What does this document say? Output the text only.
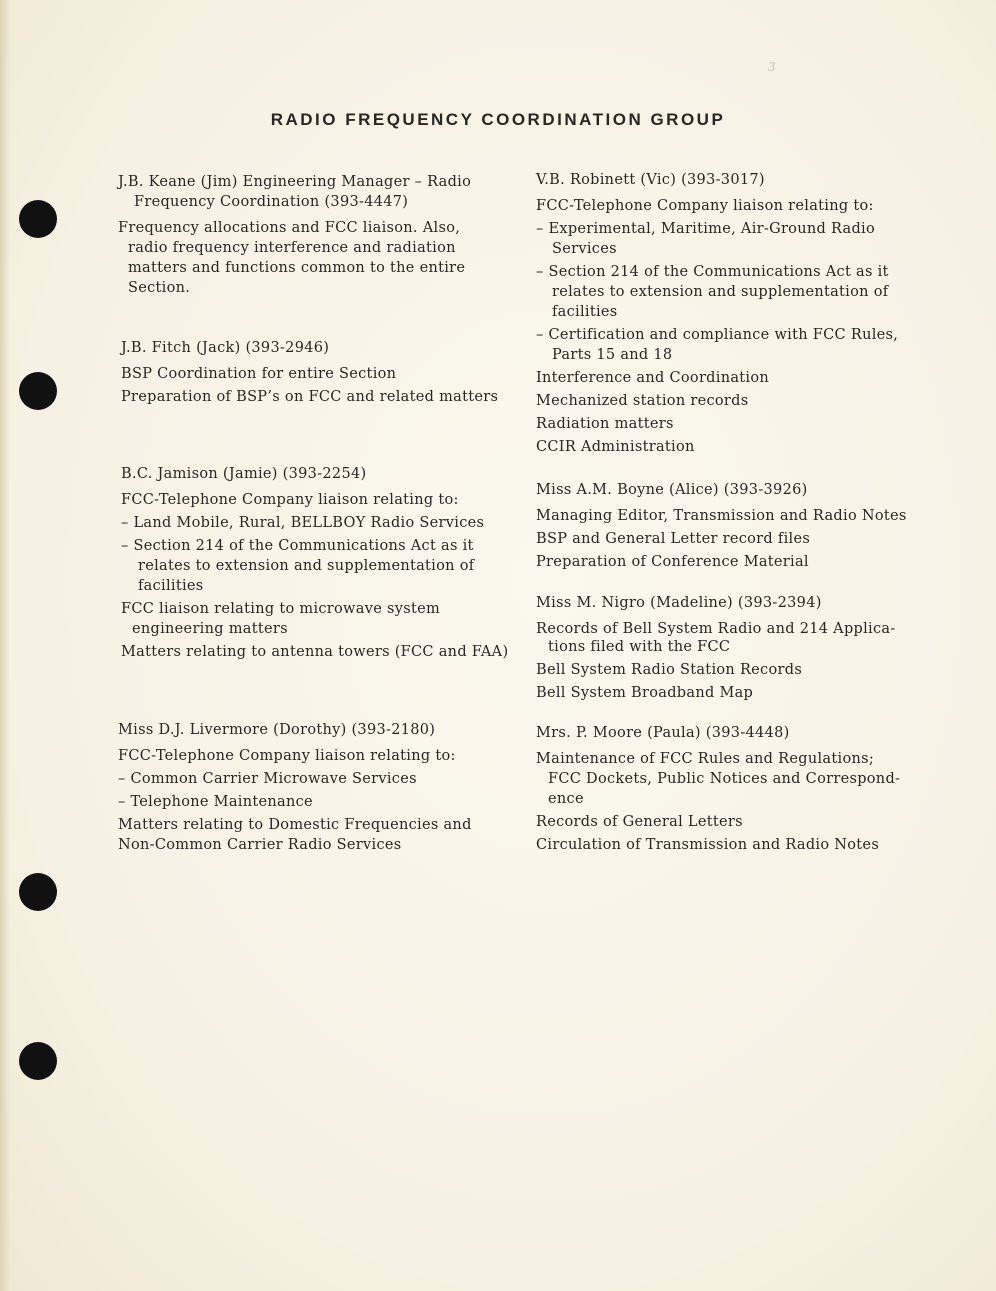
3
RADIO FREQUENCY COORDINATION GROUP

J.B. Keane (Jim) Engineering Manager – Radio

Frequency Coordination (393-4447)

Frequency allocations and FCC liaison. Also,

radio frequency interference and radiation

matters and functions common to the entire

Section.

J.B. Fitch (Jack) (393-2946)

BSP Coordination for entire Section

Preparation of BSP’s on FCC and related matters

B.C. Jamison (Jamie) (393-2254)

FCC-Telephone Company liaison relating to:

– Land Mobile, Rural, BELLBOY Radio Services

– Section 214 of the Communications Act as it

relates to extension and supplementation of

facilities

FCC liaison relating to microwave system

engineering matters

Matters relating to antenna towers (FCC and FAA)

Miss D.J. Livermore (Dorothy) (393-2180)

FCC-Telephone Company liaison relating to:

– Common Carrier Microwave Services

– Telephone Maintenance

Matters relating to Domestic Frequencies and

Non-Common Carrier Radio Services

V.B. Robinett (Vic) (393-3017)

FCC-Telephone Company liaison relating to:

– Experimental, Maritime, Air-Ground Radio

Services

– Section 214 of the Communications Act as it

relates to extension and supplementation of

facilities

– Certification and compliance with FCC Rules,

Parts 15 and 18

Interference and Coordination

Mechanized station records

Radiation matters

CCIR Administration

Miss A.M. Boyne (Alice) (393-3926)

Managing Editor, Transmission and Radio Notes

BSP and General Letter record files

Preparation of Conference Material

Miss M. Nigro (Madeline) (393-2394)

Records of Bell System Radio and 214 Applica-

tions filed with the FCC

Bell System Radio Station Records

Bell System Broadband Map

Mrs. P. Moore (Paula) (393-4448)

Maintenance of FCC Rules and Regulations;

FCC Dockets, Public Notices and Correspond-

ence

Records of General Letters

Circulation of Transmission and Radio Notes
